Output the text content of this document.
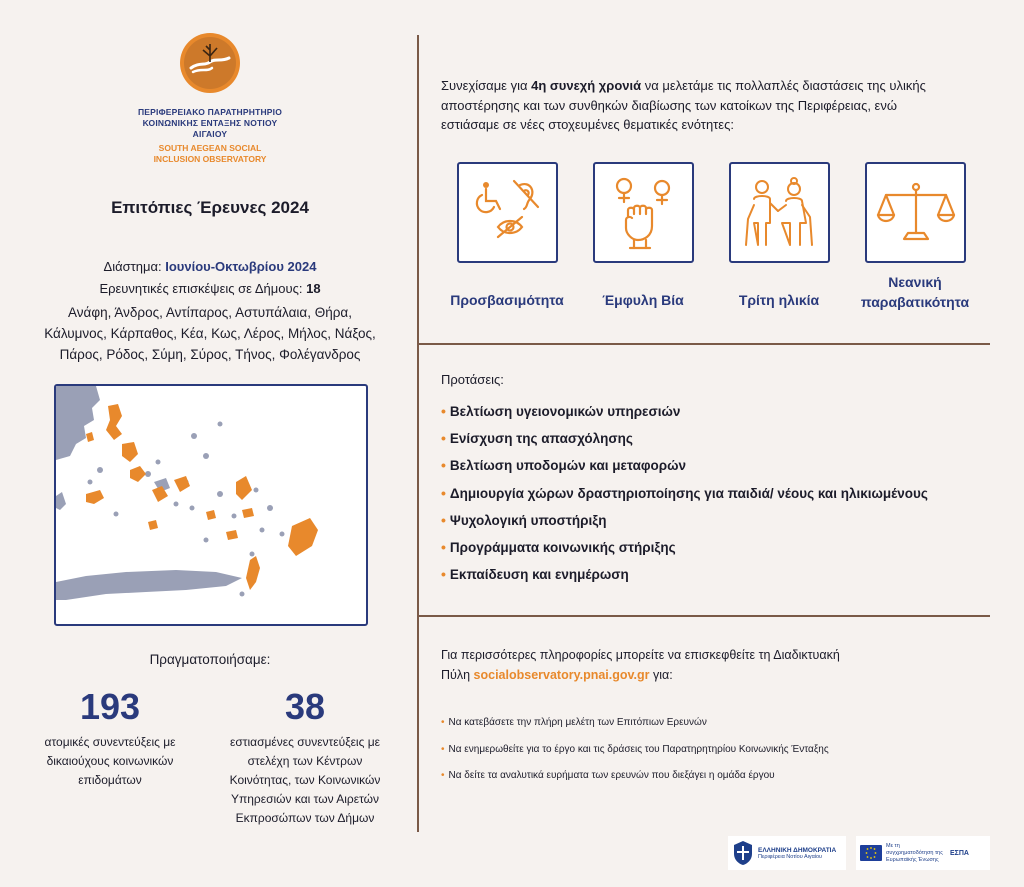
ΠΕΡΙΦΕΡΕΙΑΚΟ ΠΑΡΑΤΗΡΗΤΗΡΙΟ
ΚΟΙΝΩΝΙΚΗΣ ΕΝΤΑΞΗΣ ΝΟΤΙΟΥ ΑΙΓΑΙΟΥ
SOUTH AEGEAN SOCIAL
INCLUSION OBSERVATORY
Επιτόπιες Έρευνες 2024
Διάστημα: Ιουνίου-Οκτωβρίου 2024
Ερευνητικές επισκέψεις σε Δήμους: 18
Ανάφη, Άνδρος, Αντίπαρος, Αστυπάλαια, Θήρα,
Κάλυμνος, Κάρπαθος, Κέα, Κως, Λέρος, Μήλος, Νάξος,
Πάρος, Ρόδος, Σύμη, Σύρος, Τήνος, Φολέγανδρος
Πραγματοποιήσαμε:
193
ατομικές συνεντεύξεις με
δικαιούχους κοινωνικών
επιδομάτων
38
εστιασμένες συνεντεύξεις με
στελέχη των Κέντρων
Κοινότητας, των Κοινωνικών
Υπηρεσιών και των Αιρετών
Εκπροσώπων των Δήμων
Συνεχίσαμε για 4η συνεχή χρονιά να μελετάμε τις πολλαπλές διαστάσεις της υλικής
αποστέρησης και των συνθηκών διαβίωσης των κατοίκων της Περιφέρειας, ενώ
εστιάσαμε σε νέες στοχευμένες θεματικές ενότητες:
Προσβασιμότητα	Έμφυλη Βία	Τρίτη ηλικία
Νεανική
παραβατικότητα
Προτάσεις:
• Βελτίωση υγειονομικών υπηρεσιών
• Ενίσχυση της απασχόλησης
• Βελτίωση υποδομών και μεταφορών
• Δημιουργία χώρων δραστηριοποίησης για παιδιά/ νέους και ηλικιωμένους
• Ψυχολογική υποστήριξη
• Προγράμματα κοινωνικής στήριξης
• Εκπαίδευση και ενημέρωση
Για περισσότερες πληροφορίες μπορείτε να επισκεφθείτε τη Διαδικτυακή
Πύλη socialobservatory.pnai.gov.gr για:
• Να κατεβάσετε την πλήρη μελέτη των Επιτόπιων Ερευνών
• Να ενημερωθείτε για το έργο και τις δράσεις του Παρατηρητηρίου Κοινωνικής Ένταξης
• Να δείτε τα αναλυτικά ευρήματα των ερευνών που διεξάγει η ομάδα έργου
ΕΛΛΗΝΙΚΗ ΔΗΜΟΚΡΑΤΙΑ
Περιφέρεια Νοτίου Αιγαίου
Με τη συγχρηματοδότηση της Ευρωπαϊκής Ένωσης
ΕΣΠΑ
